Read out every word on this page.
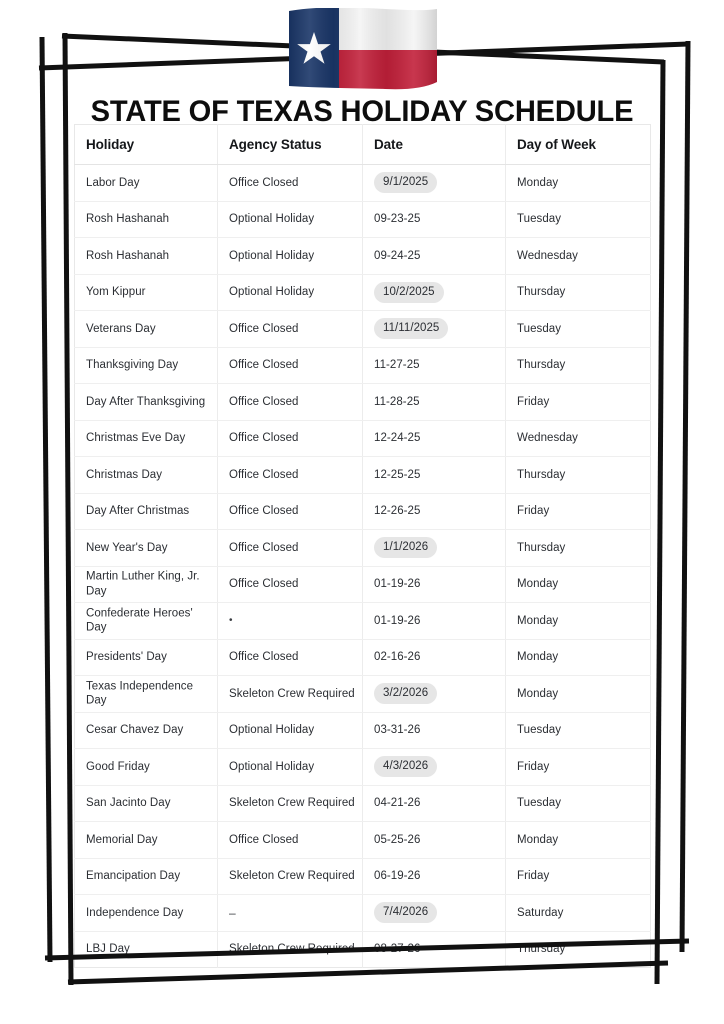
STATE OF TEXAS HOLIDAY SCHEDULE
Holiday	Agency Status	Date	Day of Week

Labor Day	Office Closed	9/1/2025	Monday

Rosh Hashanah	Optional Holiday	09-23-25	Tuesday

Rosh Hashanah	Optional Holiday	09-24-25	Wednesday

Yom Kippur	Optional Holiday	10/2/2025	Thursday

Veterans Day	Office Closed	11/11/2025	Tuesday

Thanksgiving Day	Office Closed	11-27-25	Thursday

Day After Thanksgiving	Office Closed	11-28-25	Friday

Christmas Eve Day	Office Closed	12-24-25	Wednesday

Christmas Day	Office Closed	12-25-25	Thursday

Day After Christmas	Office Closed	12-26-25	Friday

New Year's Day	Office Closed	1/1/2026	Thursday

Martin Luther King, Jr. Day	Office Closed	01-19-26	Monday

Confederate Heroes' Day	•	01-19-26	Monday

Presidents' Day	Office Closed	02-16-26	Monday

Texas Independence Day	Skeleton Crew Required	3/2/2026	Monday

Cesar Chavez Day	Optional Holiday	03-31-26	Tuesday

Good Friday	Optional Holiday	4/3/2026	Friday

San Jacinto Day	Skeleton Crew Required	04-21-26	Tuesday

Memorial Day	Office Closed	05-25-26	Monday

Emancipation Day	Skeleton Crew Required	06-19-26	Friday

Independence Day	–	7/4/2026	Saturday

LBJ Day	Skeleton Crew Required	08-27-26	Thursday
